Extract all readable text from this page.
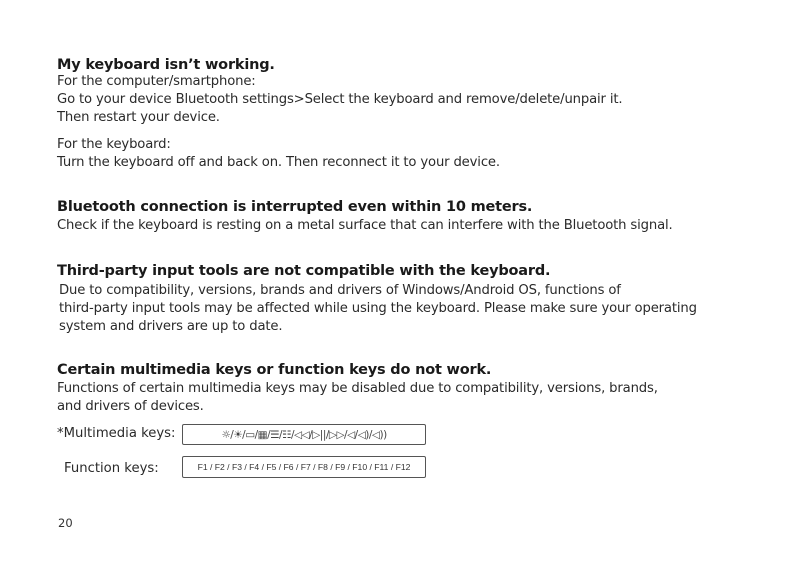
My keyboard isn’t working.
For the computer/smartphone:
Go to your device Bluetooth settings>Select the keyboard and remove/delete/unpair it.
Then restart your device.
For the keyboard:
Turn the keyboard off and back on. Then reconnect it to your device.
Bluetooth connection is interrupted even within 10 meters.
Check if the keyboard is resting on a metal surface that can interfere with the Bluetooth signal.
Third-party input tools are not compatible with the keyboard.
Due to compatibility, versions, brands and drivers of Windows/Android OS, functions of
third-party input tools may be affected while using the keyboard. Please make sure your operating
system and drivers are up to date.
Certain multimedia keys or function keys do not work.
Functions of certain multimedia keys may be disabled due to compatibility, versions, brands,
and drivers of devices.
*Multimedia keys:	☼/☀/▭/▦/☰/☷/◁◁/▷||/▷▷/◁/◁)/◁))
Function keys:	F1 / F2 / F3 / F4 / F5 / F6 / F7 / F8 / F9 / F10 / F11 / F12
20
